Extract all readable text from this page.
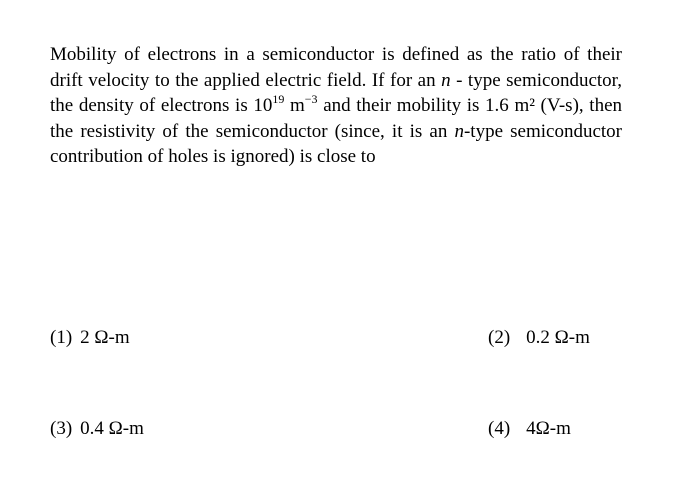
Mobility of electrons in a semiconductor is defined as the ratio of their drift velocity to the applied electric field. If for an n - type semiconductor, the density of electrons is $10^{19}$ $m^{-3}$ and their mobility is 1.6 m² (V-s), then the resistivity of the semiconductor (since, it is an n-type semiconductor contribution of holes is ignored) is close to
(1) 2 Ω-m	(2) 0.2 Ω-m
(3) 0.4 Ω-m	(4) 4Ω-m
